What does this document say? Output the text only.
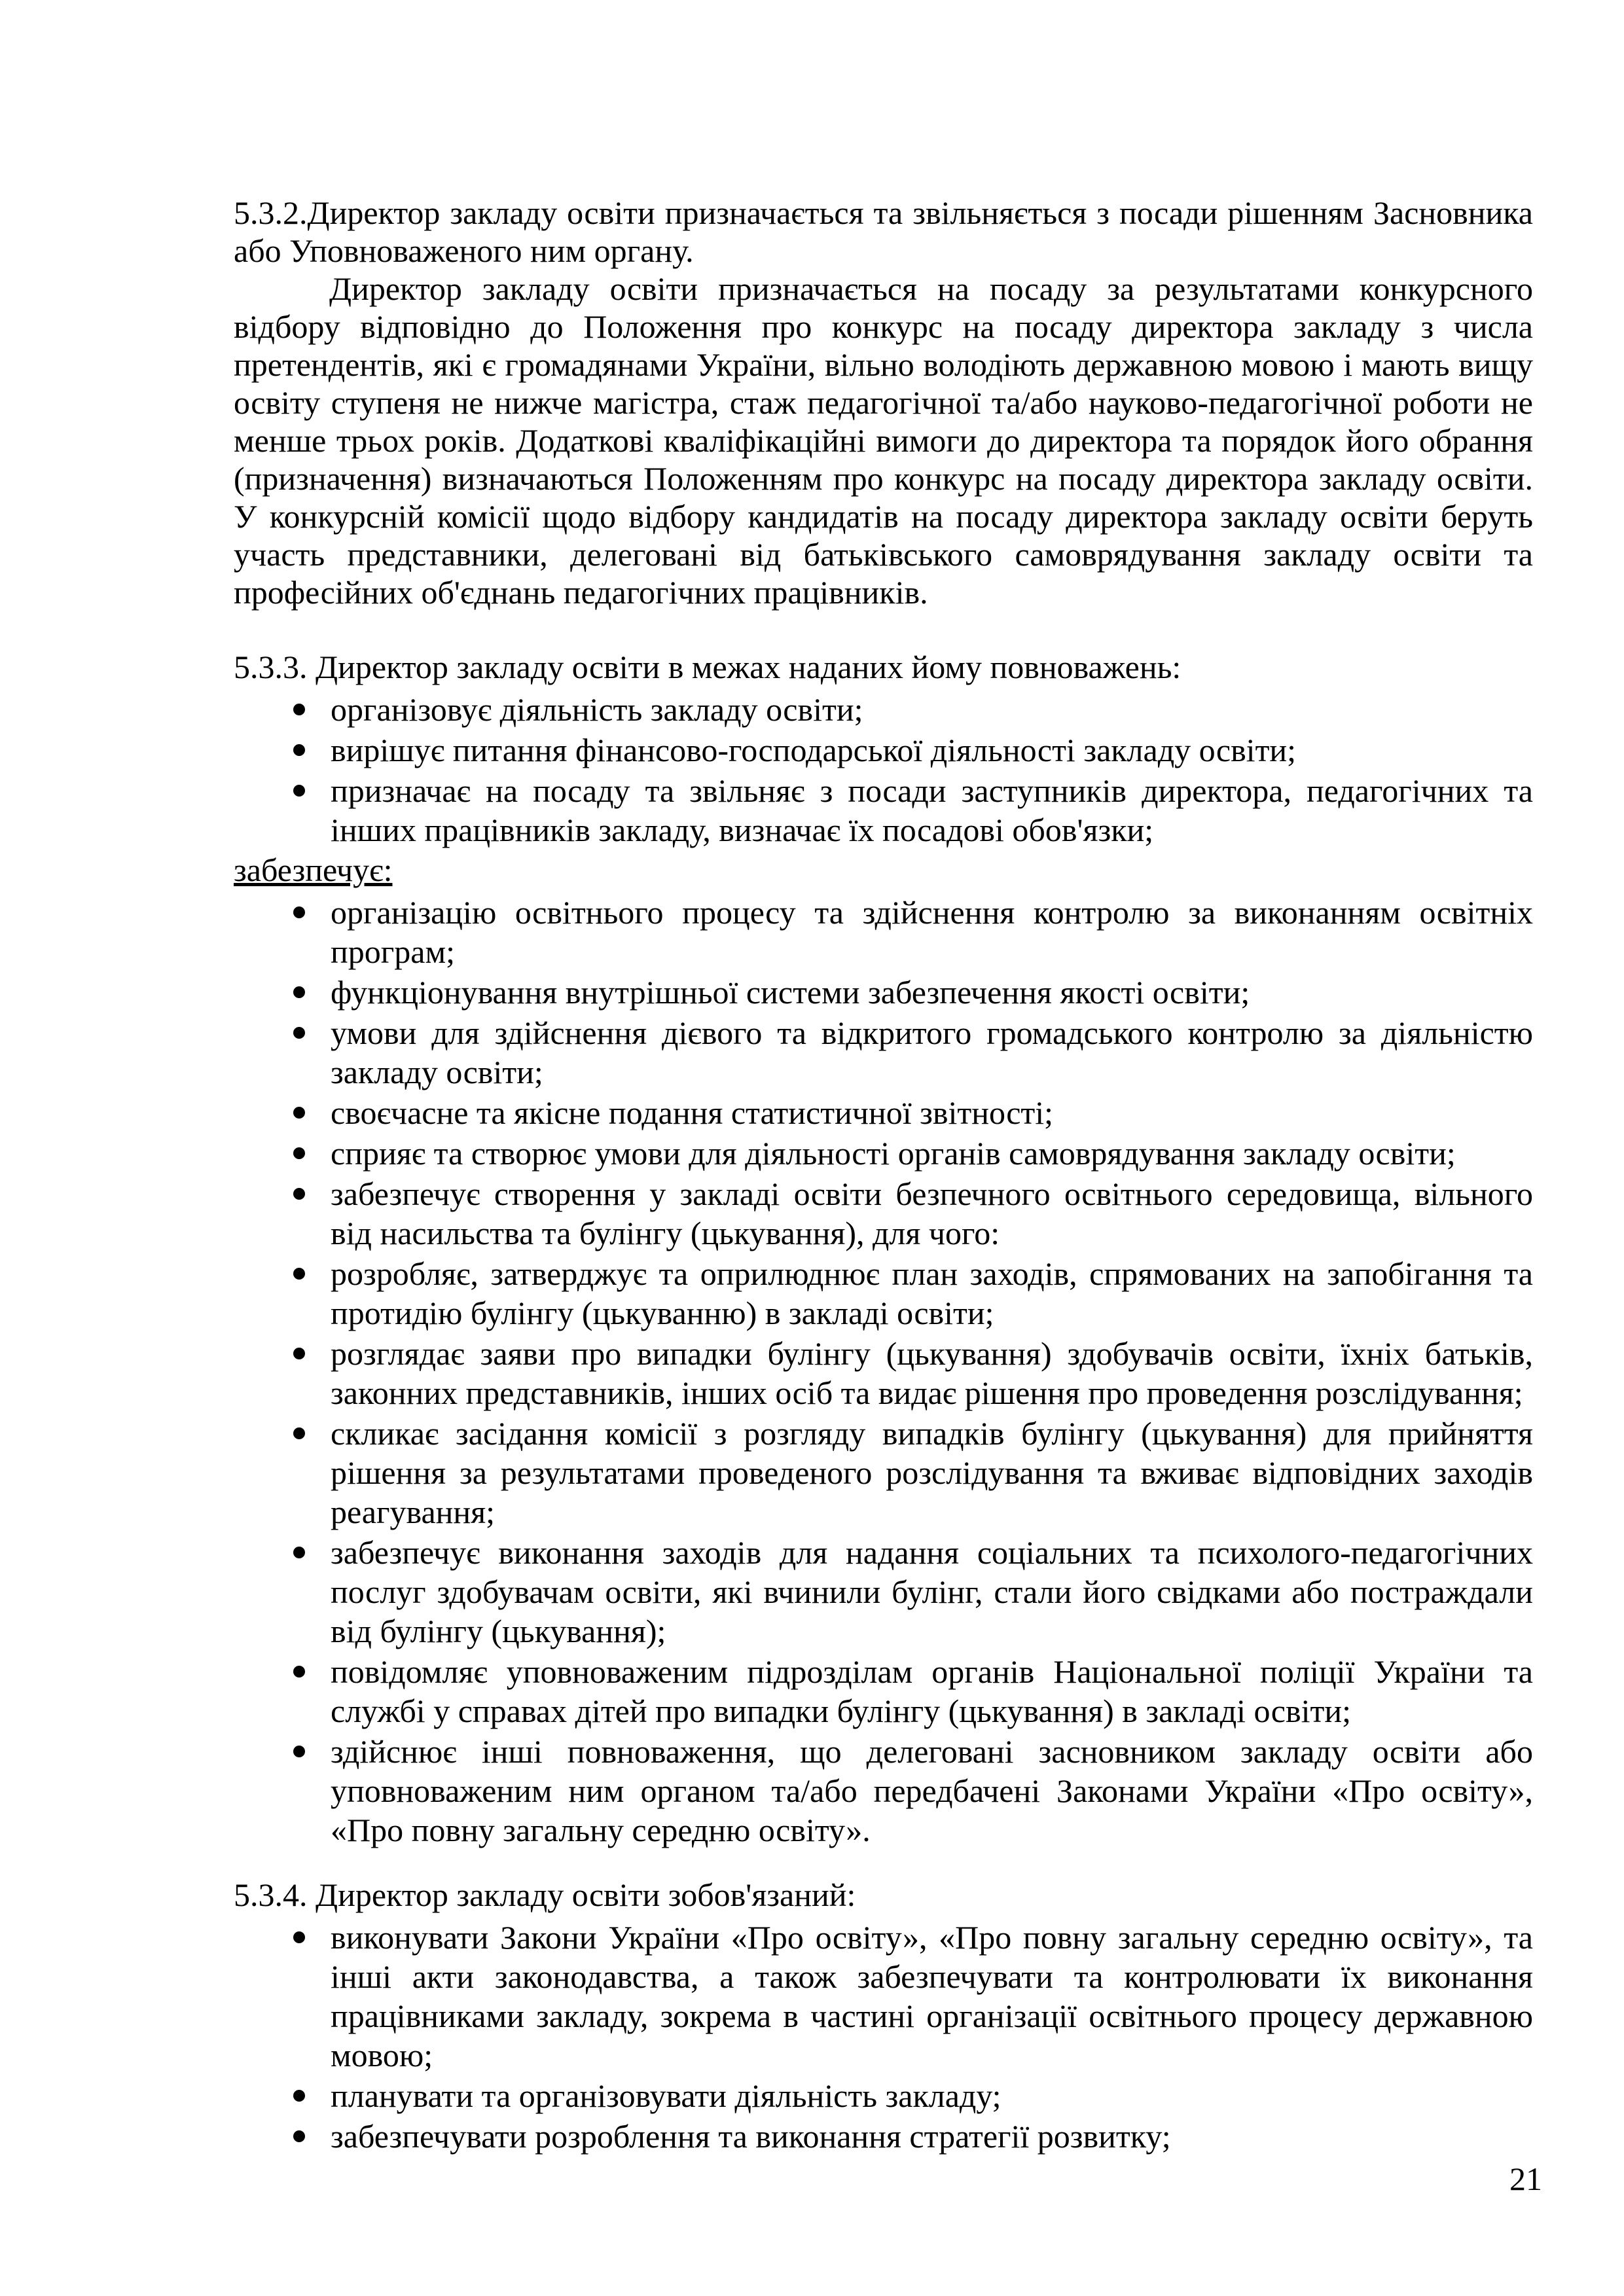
5.3.2.Директор закладу освіти призначається та звільняється з посади рішенням Засновника або Уповноваженого ним органу.

Директор закладу освіти призначається на посаду за результатами конкурсного відбору відповідно до Положення про конкурс на посаду директора закладу з числа претендентів, які є громадянами України, вільно володіють державною мовою і мають вищу освіту ступеня не нижче магістра, стаж педагогічної та/або науково-педагогічної роботи не менше трьох років. Додаткові кваліфікаційні вимоги до директора та порядок його обрання (призначення) визначаються Положенням про конкурс на посаду директора закладу освіти. У конкурсній комісії щодо відбору кандидатів на посаду директора закладу освіти беруть участь представники, делеговані від батьківського самоврядування закладу освіти та професійних об'єднань педагогічних працівників.

5.3.3. Директор закладу освіти в межах наданих йому повноважень:

організовує діяльність закладу освіти;
вирішує питання фінансово-господарської діяльності закладу освіти;
призначає на посаду та звільняє з посади заступників директора, педагогічних та інших працівників закладу, визначає їх посадові обов'язки;

забезпечує:

організацію освітнього процесу та здійснення контролю за виконанням освітніх програм;
функціонування внутрішньої системи забезпечення якості освіти;
умови для здійснення дієвого та відкритого громадського контролю за діяльністю закладу освіти;
своєчасне та якісне подання статистичної звітності;
сприяє та створює умови для діяльності органів самоврядування закладу освіти;
забезпечує створення у закладі освіти безпечного освітнього середовища, вільного від насильства та булінгу (цькування), для чого:
розробляє, затверджує та оприлюднює план заходів, спрямованих на запобігання та протидію булінгу (цькуванню) в закладі освіти;
розглядає заяви про випадки булінгу (цькування) здобувачів освіти, їхніх батьків, законних представників, інших осіб та видає рішення про проведення розслідування;
скликає засідання комісії з розгляду випадків булінгу (цькування) для прийняття рішення за результатами проведеного розслідування та вживає відповідних заходів реагування;
забезпечує виконання заходів для надання соціальних та психолого-педагогічних послуг здобувачам освіти, які вчинили булінг, стали його свідками або постраждали від булінгу (цькування);
повідомляє уповноваженим підрозділам органів Національної поліції України та службі у справах дітей про випадки булінгу (цькування) в закладі освіти;
здійснює інші повноваження, що делеговані засновником закладу освіти або уповноваженим ним органом та/або передбачені Законами України «Про освіту», «Про повну загальну середню освіту».

5.3.4. Директор закладу освіти зобов'язаний:

виконувати Закони України «Про освіту», «Про повну загальну середню освіту», та інші акти законодавства, а також забезпечувати та контролювати їх виконання працівниками закладу, зокрема в частині організації освітнього процесу державною мовою;
планувати та організовувати діяльність закладу;
забезпечувати розроблення та виконання стратегії розвитку;
21
